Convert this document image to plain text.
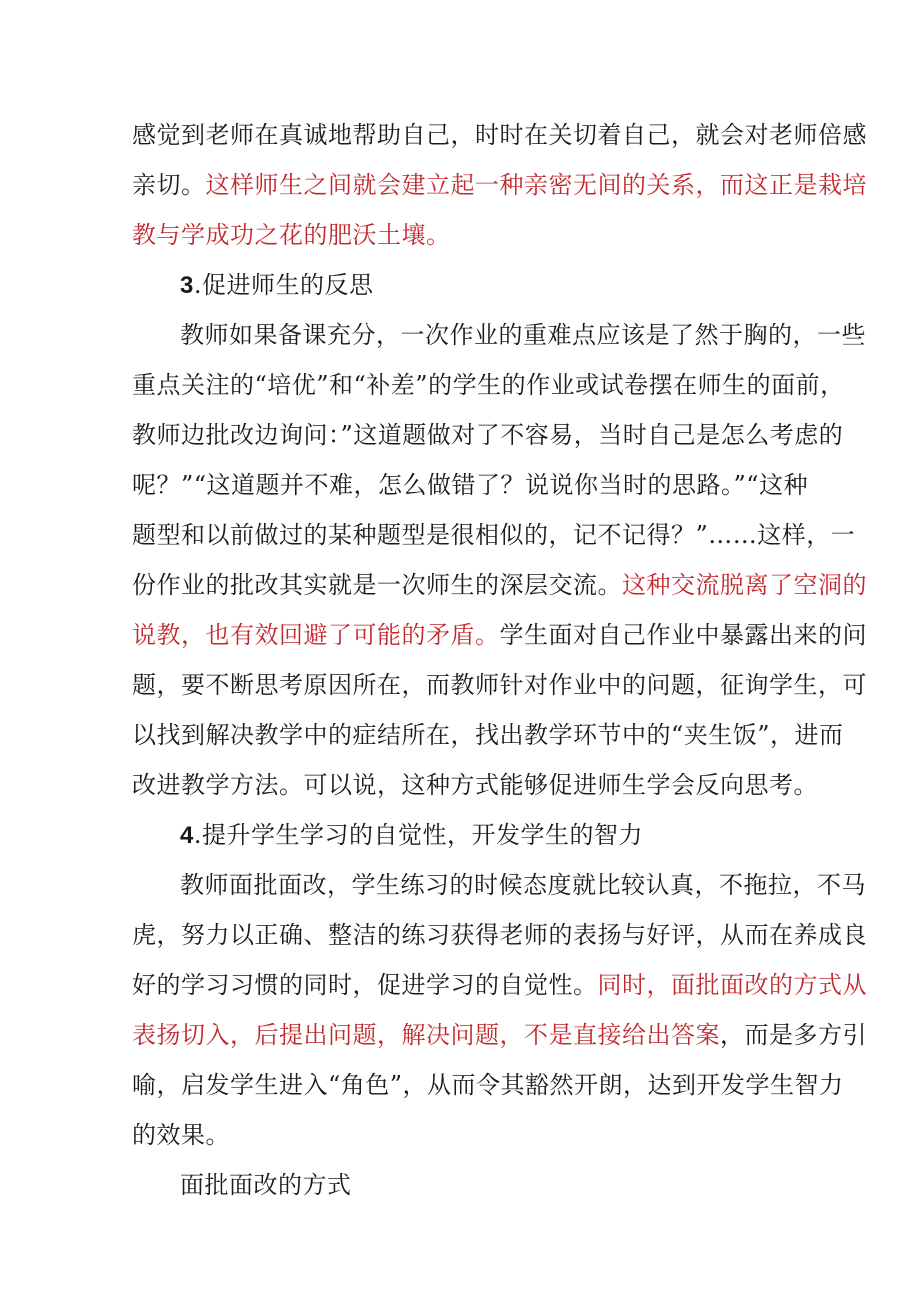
感觉到老师在真诚地帮助自己，时时在关切着自己，就会对老师倍感
亲切。这样师生之间就会建立起一种亲密无间的关系，而这正是栽培
教与学成功之花的肥沃土壤。
3.促进师生的反思
教师如果备课充分，一次作业的重难点应该是了然于胸的，一些
重点关注的“培优”和“补差”的学生的作业或试卷摆在师生的面前，
教师边批改边询问：”这道题做对了不容易，当时自己是怎么考虑的
呢？”“这道题并不难，怎么做错了？说说你当时的思路。”“这种
题型和以前做过的某种题型是很相似的，记不记得？”……这样，一
份作业的批改其实就是一次师生的深层交流。这种交流脱离了空洞的
说教，也有效回避了可能的矛盾。学生面对自己作业中暴露出来的问
题，要不断思考原因所在，而教师针对作业中的问题，征询学生，可
以找到解决教学中的症结所在，找出教学环节中的“夹生饭”，进而
改进教学方法。可以说，这种方式能够促进师生学会反向思考。
4.提升学生学习的自觉性，开发学生的智力
教师面批面改，学生练习的时候态度就比较认真，不拖拉，不马
虎，努力以正确、整洁的练习获得老师的表扬与好评，从而在养成良
好的学习习惯的同时，促进学习的自觉性。同时，面批面改的方式从
表扬切入，后提出问题，解决问题，不是直接给出答案，而是多方引
喻，启发学生进入“角色”，从而令其豁然开朗，达到开发学生智力
的效果。
面批面改的方式
